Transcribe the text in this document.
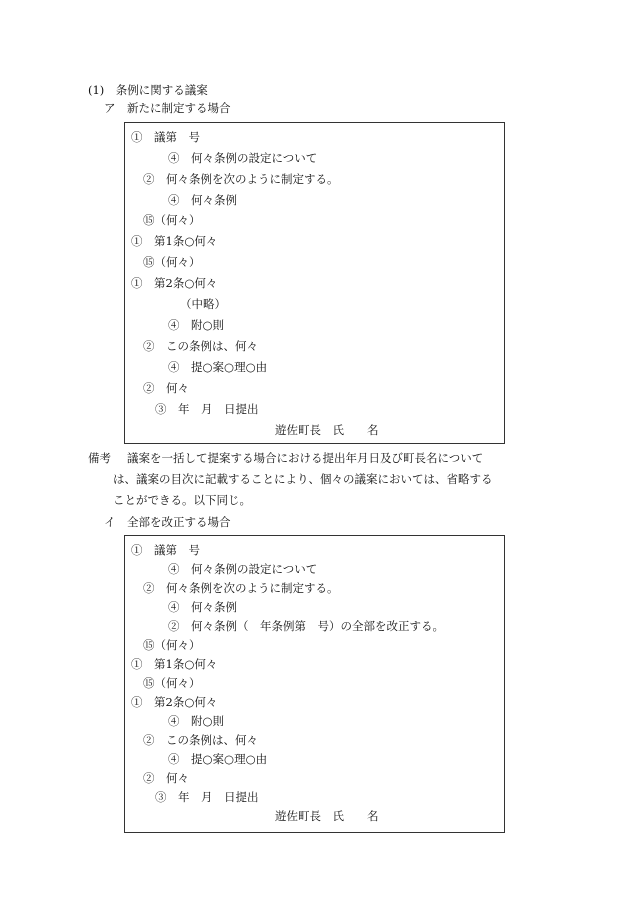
(1)　条例に関する議案
ア　新たに制定する場合
①　議第　号
④　何々条例の設定について
②　何々条例を次のように制定する。
④　何々条例
⑮（何々）
①　第1条○何々
⑮（何々）
①　第2条○何々
（中略）
④　附○則
②　この条例は、何々
④　提○案○理○由
②　何々
③　年　月　日提出
遊佐町長　氏　　名
備考 議案を一括して提案する場合における提出年月日及び町長名について
は、議案の目次に記載することにより、個々の議案においては、省略する
ことができる。以下同じ。
イ　全部を改正する場合
①　議第　号
④　何々条例の設定について
②　何々条例を次のように制定する。
④　何々条例
②　何々条例（　年条例第　号）の全部を改正する。
⑮（何々）
①　第1条○何々
⑮（何々）
①　第2条○何々
④　附○則
②　この条例は、何々
④　提○案○理○由
②　何々
③　年　月　日提出
遊佐町長　氏　　名
